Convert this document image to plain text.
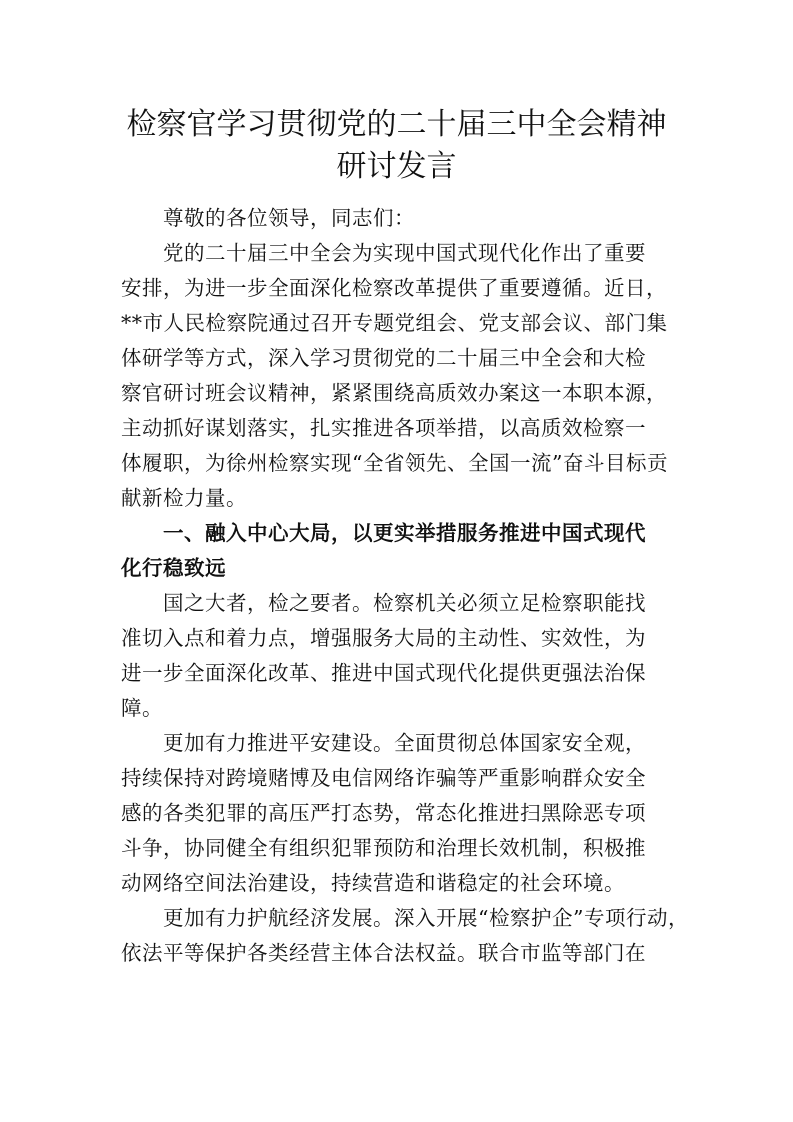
检察官学习贯彻党的二十届三中全会精神
研讨发言
　　尊敬的各位领导，同志们：
　　党的二十届三中全会为实现中国式现代化作出了重要
安排，为进一步全面深化检察改革提供了重要遵循。近日，
**市人民检察院通过召开专题党组会、党支部会议、部门集
体研学等方式，深入学习贯彻党的二十届三中全会和大检
察官研讨班会议精神，紧紧围绕高质效办案这一本职本源，
主动抓好谋划落实，扎实推进各项举措，以高质效检察一
体履职，为徐州检察实现“全省领先、全国一流”奋斗目标贡
献新检力量。
　　一、融入中心大局，以更实举措服务推进中国式现代
化行稳致远
　　国之大者，检之要者。检察机关必须立足检察职能找
准切入点和着力点，增强服务大局的主动性、实效性，为
进一步全面深化改革、推进中国式现代化提供更强法治保
障。
　　更加有力推进平安建设。全面贯彻总体国家安全观，
持续保持对跨境赌博及电信网络诈骗等严重影响群众安全
感的各类犯罪的高压严打态势，常态化推进扫黑除恶专项
斗争，协同健全有组织犯罪预防和治理长效机制，积极推
动网络空间法治建设，持续营造和谐稳定的社会环境。
　　更加有力护航经济发展。深入开展“检察护企”专项行动，
依法平等保护各类经营主体合法权益。联合市监等部门在
